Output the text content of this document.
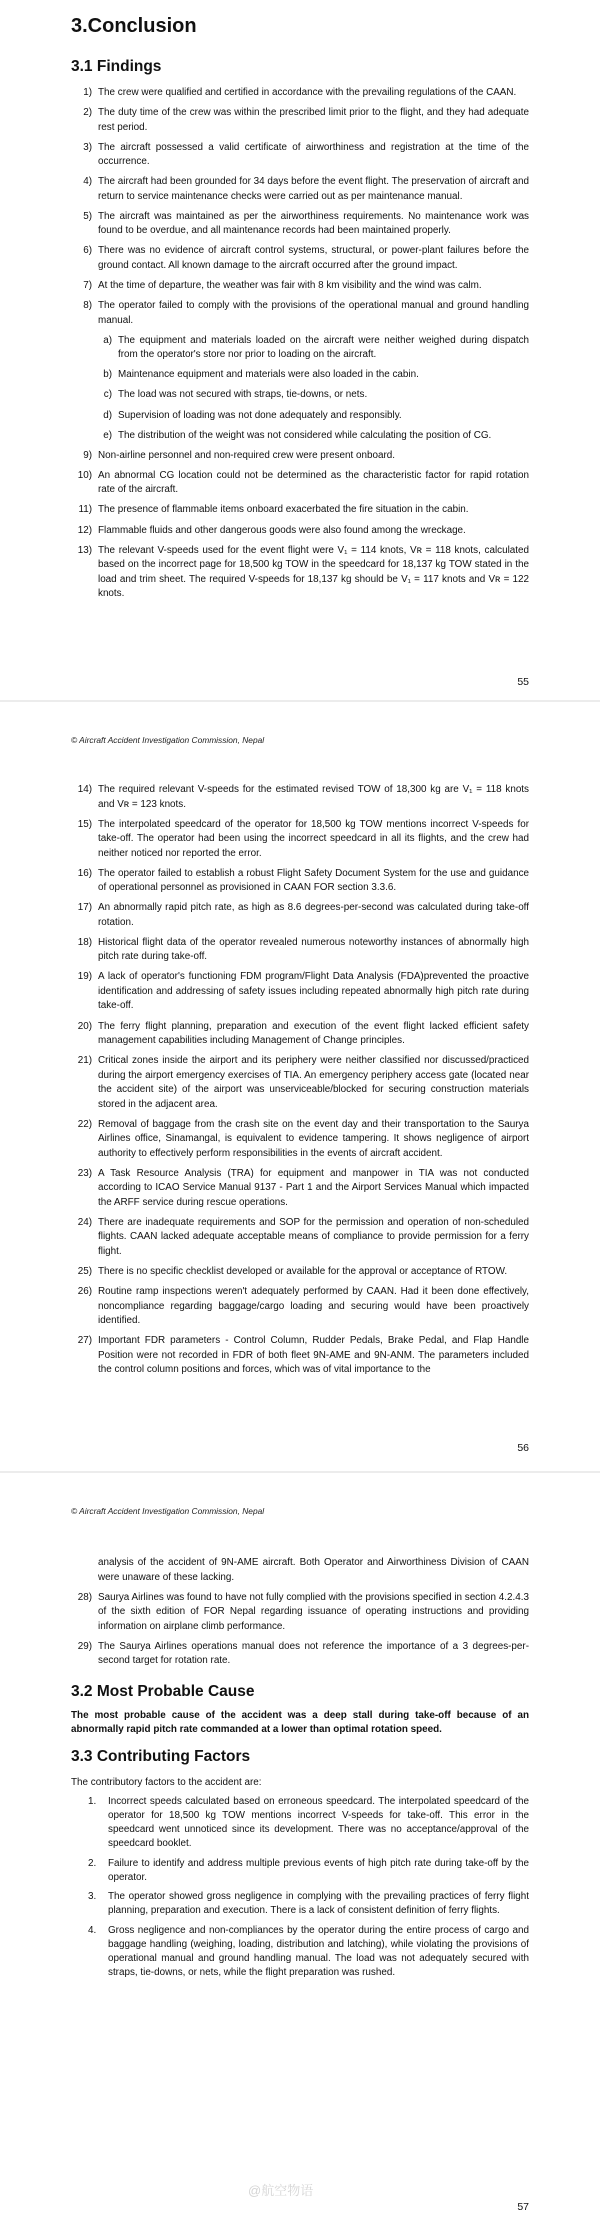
3.Conclusion
3.1 Findings
1) The crew were qualified and certified in accordance with the prevailing regulations of the CAAN.
2) The duty time of the crew was within the prescribed limit prior to the flight, and they had adequate rest period.
3) The aircraft possessed a valid certificate of airworthiness and registration at the time of the occurrence.
4) The aircraft had been grounded for 34 days before the event flight. The preservation of aircraft and return to service maintenance checks were carried out as per maintenance manual.
5) The aircraft was maintained as per the airworthiness requirements. No maintenance work was found to be overdue, and all maintenance records had been maintained properly.
6) There was no evidence of aircraft control systems, structural, or power-plant failures before the ground contact. All known damage to the aircraft occurred after the ground impact.
7) At the time of departure, the weather was fair with 8 km visibility and the wind was calm.
8) The operator failed to comply with the provisions of the operational manual and ground handling manual.
a) The equipment and materials loaded on the aircraft were neither weighed during dispatch from the operator's store nor prior to loading on the aircraft.
b) Maintenance equipment and materials were also loaded in the cabin.
c) The load was not secured with straps, tie-downs, or nets.
d) Supervision of loading was not done adequately and responsibly.
e) The distribution of the weight was not considered while calculating the position of CG.
9) Non-airline personnel and non-required crew were present onboard.
10) An abnormal CG location could not be determined as the characteristic factor for rapid rotation rate of the aircraft.
11) The presence of flammable items onboard exacerbated the fire situation in the cabin.
12) Flammable fluids and other dangerous goods were also found among the wreckage.
13) The relevant V-speeds used for the event flight were V₁ = 114 knots, Vʀ = 118 knots, calculated based on the incorrect page for 18,500 kg TOW in the speedcard for 18,137 kg TOW stated in the load and trim sheet. The required V-speeds for 18,137 kg should be V₁ = 117 knots and Vʀ = 122 knots.
55
© Aircraft Accident Investigation Commission, Nepal
14) The required relevant V-speeds for the estimated revised TOW of 18,300 kg are V₁ = 118 knots and Vʀ = 123 knots.
15) The interpolated speedcard of the operator for 18,500 kg TOW mentions incorrect V-speeds for take-off. The operator had been using the incorrect speedcard in all its flights, and the crew had neither noticed nor reported the error.
16) The operator failed to establish a robust Flight Safety Document System for the use and guidance of operational personnel as provisioned in CAAN FOR section 3.3.6.
17) An abnormally rapid pitch rate, as high as 8.6 degrees-per-second was calculated during take-off rotation.
18) Historical flight data of the operator revealed numerous noteworthy instances of abnormally high pitch rate during take-off.
19) A lack of operator's functioning FDM program/Flight Data Analysis (FDA)prevented the proactive identification and addressing of safety issues including repeated abnormally high pitch rate during take-off.
20) The ferry flight planning, preparation and execution of the event flight lacked efficient safety management capabilities including Management of Change principles.
21) Critical zones inside the airport and its periphery were neither classified nor discussed/practiced during the airport emergency exercises of TIA. An emergency periphery access gate (located near the accident site) of the airport was unserviceable/blocked for securing construction materials stored in the adjacent area.
22) Removal of baggage from the crash site on the event day and their transportation to the Saurya Airlines office, Sinamangal, is equivalent to evidence tampering. It shows negligence of airport authority to effectively perform responsibilities in the events of aircraft accident.
23) A Task Resource Analysis (TRA) for equipment and manpower in TIA was not conducted according to ICAO Service Manual 9137 - Part 1 and the Airport Services Manual which impacted the ARFF service during rescue operations.
24) There are inadequate requirements and SOP for the permission and operation of non-scheduled flights. CAAN lacked adequate acceptable means of compliance to provide permission for a ferry flight.
25) There is no specific checklist developed or available for the approval or acceptance of RTOW.
26) Routine ramp inspections weren't adequately performed by CAAN. Had it been done effectively, noncompliance regarding baggage/cargo loading and securing would have been proactively identified.
27) Important FDR parameters - Control Column, Rudder Pedals, Brake Pedal, and Flap Handle Position were not recorded in FDR of both fleet 9N-AME and 9N-ANM. The parameters included the control column positions and forces, which was of vital importance to the
56
© Aircraft Accident Investigation Commission, Nepal
analysis of the accident of 9N-AME aircraft. Both Operator and Airworthiness Division of CAAN were unaware of these lacking.
28) Saurya Airlines was found to have not fully complied with the provisions specified in section 4.2.4.3 of the sixth edition of FOR Nepal regarding issuance of operating instructions and providing information on airplane climb performance.
29) The Saurya Airlines operations manual does not reference the importance of a 3 degrees-per-second target for rotation rate.
3.2 Most Probable Cause
The most probable cause of the accident was a deep stall during take-off because of an abnormally rapid pitch rate commanded at a lower than optimal rotation speed.
3.3 Contributing Factors
The contributory factors to the accident are:
1.	Incorrect speeds calculated based on erroneous speedcard. The interpolated speedcard of the operator for 18,500 kg TOW mentions incorrect V-speeds for take-off. This error in the speedcard went unnoticed since its development. There was no acceptance/approval of the speedcard booklet.
2.	Failure to identify and address multiple previous events of high pitch rate during take-off by the operator.
3.	The operator showed gross negligence in complying with the prevailing practices of ferry flight planning, preparation and execution. There is a lack of consistent definition of ferry flights.
4.	Gross negligence and non-compliances by the operator during the entire process of cargo and baggage handling (weighing, loading, distribution and latching), while violating the provisions of operational manual and ground handling manual. The load was not adequately secured with straps, tie-downs, or nets, while the flight preparation was rushed.
57
@航空物语
